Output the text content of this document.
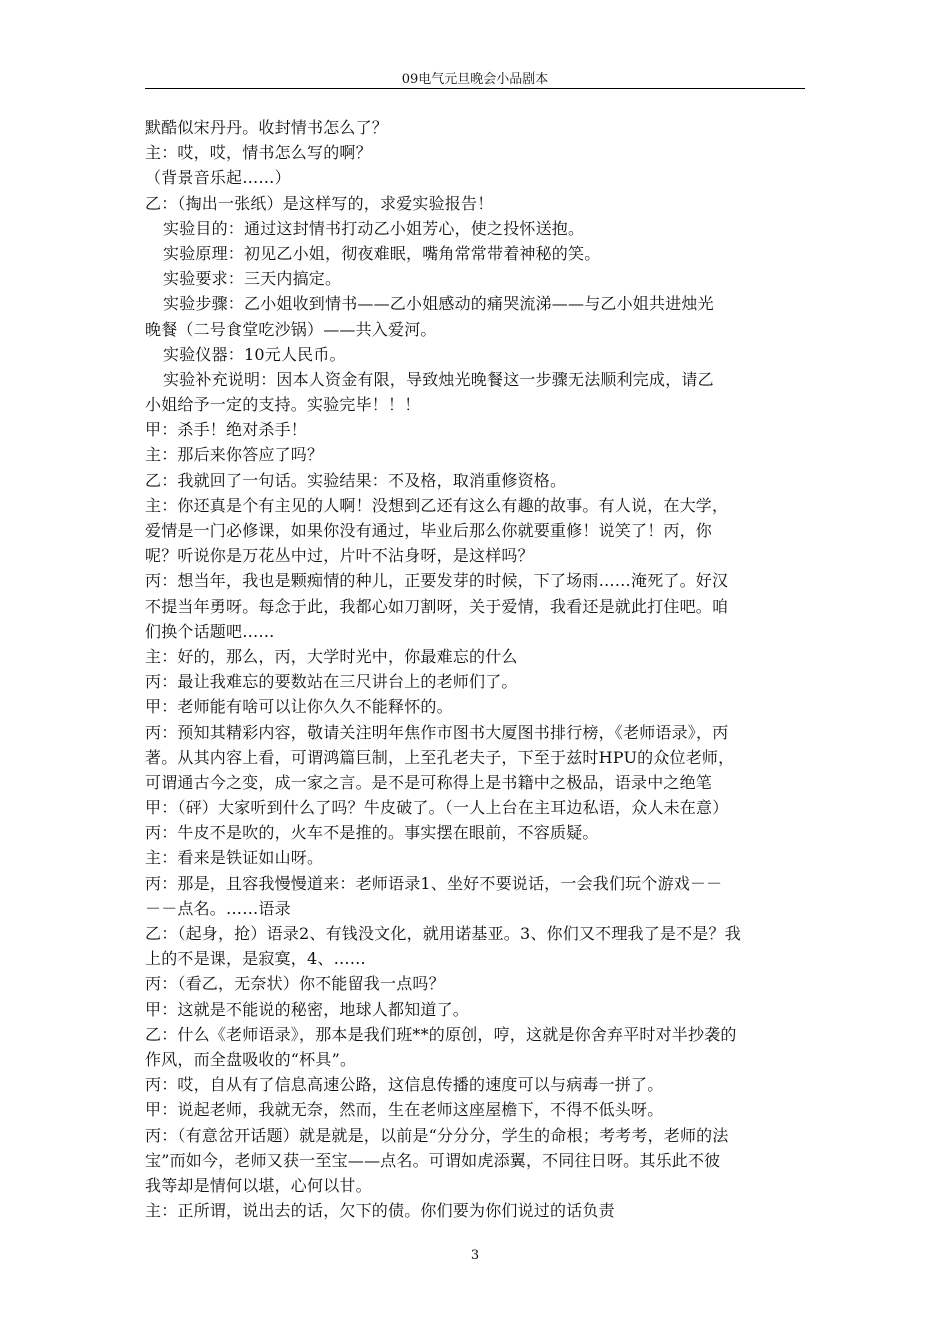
09电气元旦晚会小品剧本
默酷似宋丹丹。收封情书怎么了？
主：哎，哎，情书怎么写的啊？
（背景音乐起……）
乙：（掏出一张纸）是这样写的，求爱实验报告！
实验目的：通过这封情书打动乙小姐芳心，使之投怀送抱。
实验原理：初见乙小姐，彻夜难眠，嘴角常常带着神秘的笑。
实验要求：三天内搞定。
实验步骤：乙小姐收到情书——乙小姐感动的痛哭流涕——与乙小姐共进烛光
晚餐（二号食堂吃沙锅）——共入爱河。
实验仪器：10元人民币。
实验补充说明：因本人资金有限，导致烛光晚餐这一步骤无法顺利完成，请乙
小姐给予一定的支持。实验完毕！！！
甲：杀手！绝对杀手！
主：那后来你答应了吗？
乙：我就回了一句话。实验结果：不及格，取消重修资格。
主：你还真是个有主见的人啊！没想到乙还有这么有趣的故事。有人说，在大学，
爱情是一门必修课，如果你没有通过，毕业后那么你就要重修！说笑了！丙，你
呢？听说你是万花丛中过，片叶不沾身呀，是这样吗？
丙：想当年，我也是颗痴情的种儿，正要发芽的时候，下了场雨……淹死了。好汉
不提当年勇呀。每念于此，我都心如刀割呀，关于爱情，我看还是就此打住吧。咱
们换个话题吧……
主：好的，那么，丙，大学时光中，你最难忘的什么
丙：最让我难忘的要数站在三尺讲台上的老师们了。
甲：老师能有啥可以让你久久不能释怀的。
丙：预知其精彩内容，敬请关注明年焦作市图书大厦图书排行榜，《老师语录》，丙
著。从其内容上看，可谓鸿篇巨制，上至孔老夫子，下至于兹时HPU的众位老师，
可谓通古今之变，成一家之言。是不是可称得上是书籍中之极品，语录中之绝笔
甲：（砰）大家听到什么了吗？牛皮破了。（一人上台在主耳边私语，众人未在意）
丙：牛皮不是吹的，火车不是推的。事实摆在眼前，不容质疑。
主：看来是铁证如山呀。
丙：那是，且容我慢慢道来：老师语录1、坐好不要说话，一会我们玩个游戏－－
－－点名。……语录
乙：（起身，抢）语录2、有钱没文化，就用诺基亚。3、你们又不理我了是不是？我
上的不是课，是寂寞，4、……
丙：（看乙，无奈状）你不能留我一点吗？
甲：这就是不能说的秘密，地球人都知道了。
乙：什么《老师语录》，那本是我们班**的原创，哼，这就是你舍弃平时对半抄袭的
作风，而全盘吸收的“杯具”。
丙：哎，自从有了信息高速公路，这信息传播的速度可以与病毒一拼了。
甲：说起老师，我就无奈，然而，生在老师这座屋檐下，不得不低头呀。
丙：（有意岔开话题）就是就是，以前是“分分分，学生的命根；考考考，老师的法
宝”而如今，老师又获一至宝——点名。可谓如虎添翼，不同往日呀。其乐此不彼
我等却是情何以堪，心何以甘。
主：正所谓，说出去的话，欠下的债。你们要为你们说过的话负责
3
